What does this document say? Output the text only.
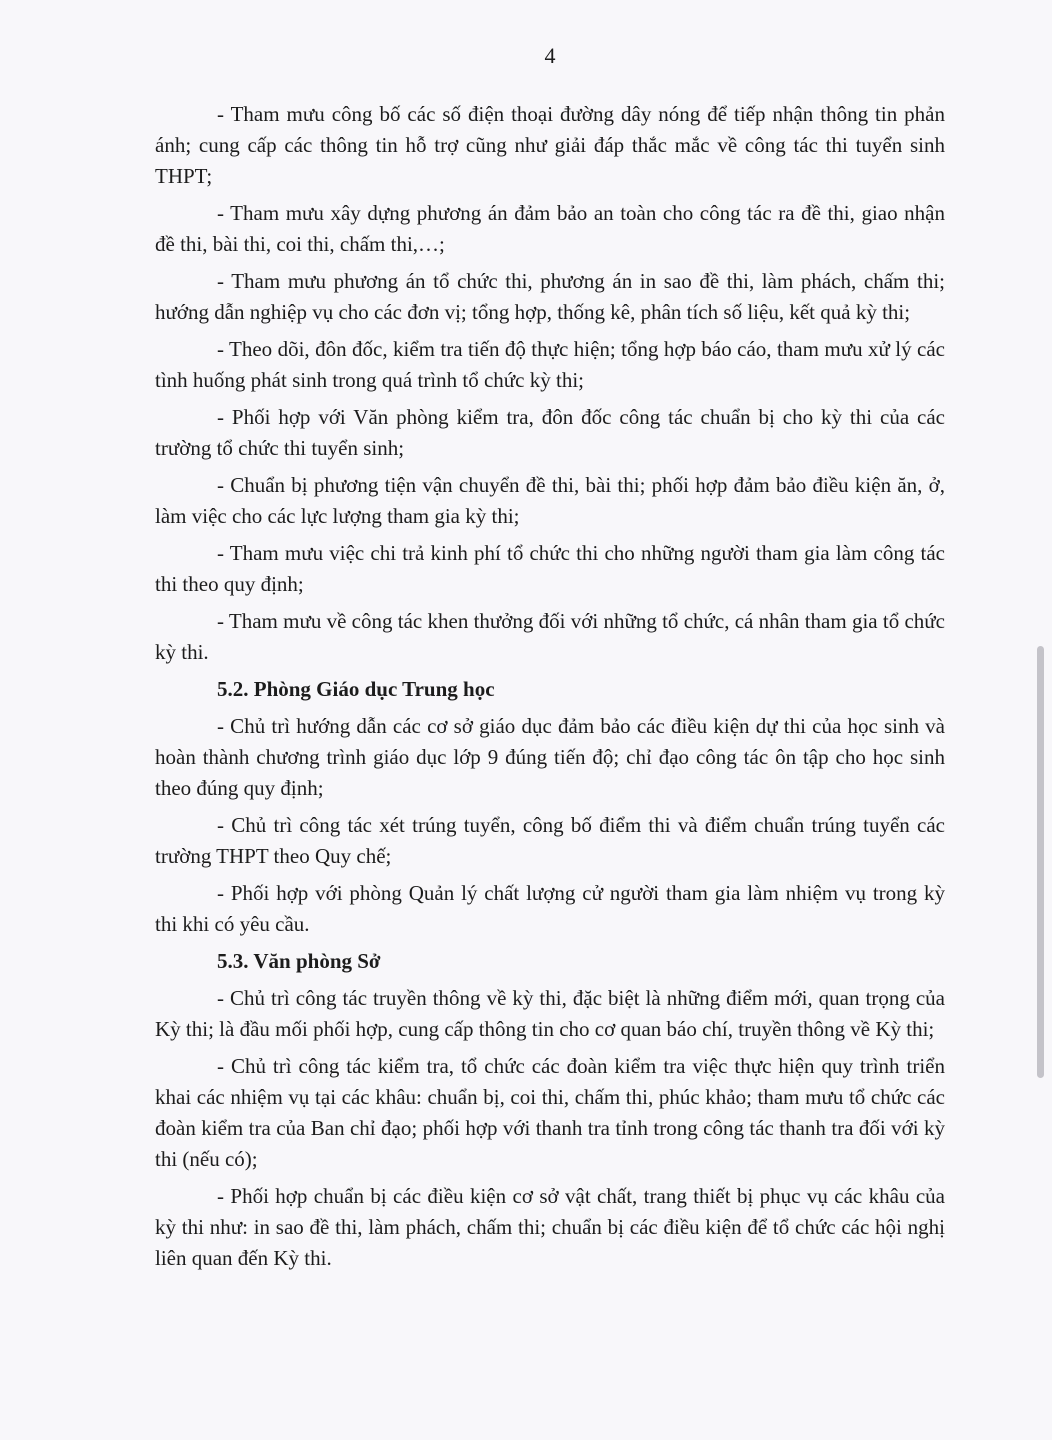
4

- Tham mưu công bố các số điện thoại đường dây nóng để tiếp nhận thông tin phản ánh; cung cấp các thông tin hỗ trợ cũng như giải đáp thắc mắc về công tác thi tuyển sinh THPT;

- Tham mưu xây dựng phương án đảm bảo an toàn cho công tác ra đề thi, giao nhận đề thi, bài thi, coi thi, chấm thi,…;

- Tham mưu phương án tổ chức thi, phương án in sao đề thi, làm phách, chấm thi; hướng dẫn nghiệp vụ cho các đơn vị; tổng hợp, thống kê, phân tích số liệu, kết quả kỳ thi;

- Theo dõi, đôn đốc, kiểm tra tiến độ thực hiện; tổng hợp báo cáo, tham mưu xử lý các tình huống phát sinh trong quá trình tổ chức kỳ thi;

- Phối hợp với Văn phòng kiểm tra, đôn đốc công tác chuẩn bị cho kỳ thi của các trường tổ chức thi tuyển sinh;

- Chuẩn bị phương tiện vận chuyển đề thi, bài thi; phối hợp đảm bảo điều kiện ăn, ở, làm việc cho các lực lượng tham gia kỳ thi;

- Tham mưu việc chi trả kinh phí tổ chức thi cho những người tham gia làm công tác thi theo quy định;

- Tham mưu về công tác khen thưởng đối với những tổ chức, cá nhân tham gia tổ chức kỳ thi.

5.2. Phòng Giáo dục Trung học

- Chủ trì hướng dẫn các cơ sở giáo dục đảm bảo các điều kiện dự thi của học sinh và hoàn thành chương trình giáo dục lớp 9 đúng tiến độ; chỉ đạo công tác ôn tập cho học sinh theo đúng quy định;

- Chủ trì công tác xét trúng tuyển, công bố điểm thi và điểm chuẩn trúng tuyển các trường THPT theo Quy chế;

- Phối hợp với phòng Quản lý chất lượng cử người tham gia làm nhiệm vụ trong kỳ thi khi có yêu cầu.

5.3. Văn phòng Sở

- Chủ trì công tác truyền thông về kỳ thi, đặc biệt là những điểm mới, quan trọng của Kỳ thi; là đầu mối phối hợp, cung cấp thông tin cho cơ quan báo chí, truyền thông về Kỳ thi;

- Chủ trì công tác kiểm tra, tổ chức các đoàn kiểm tra việc thực hiện quy trình triển khai các nhiệm vụ tại các khâu: chuẩn bị, coi thi, chấm thi, phúc khảo; tham mưu tổ chức các đoàn kiểm tra của Ban chỉ đạo; phối hợp với thanh tra tỉnh trong công tác thanh tra đối với kỳ thi (nếu có);

- Phối hợp chuẩn bị các điều kiện cơ sở vật chất, trang thiết bị phục vụ các khâu của kỳ thi như: in sao đề thi, làm phách, chấm thi; chuẩn bị các điều kiện để tổ chức các hội nghị liên quan đến Kỳ thi.
